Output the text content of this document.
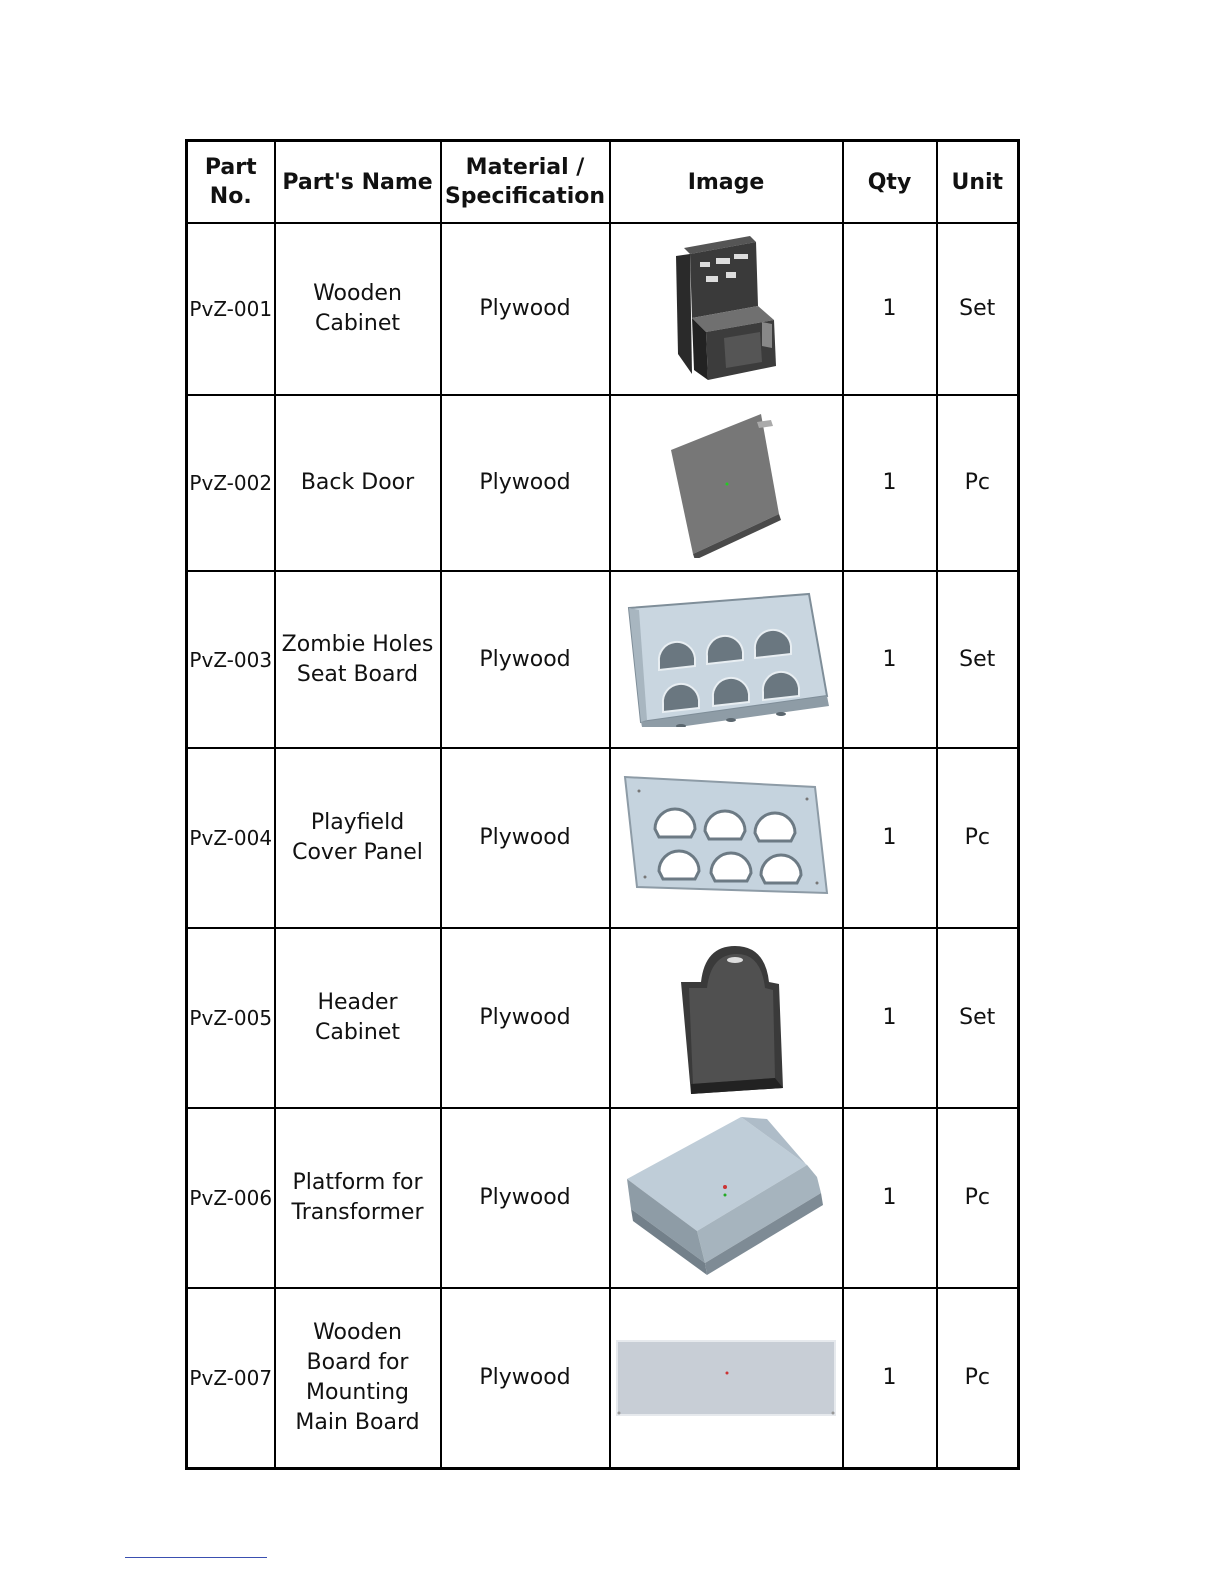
Part No.	Part's Name	Material / Specification	Image	Qty	Unit
PvZ-001	Wooden Cabinet	Plywood		1	Set
PvZ-002	Back Door	Plywood		1	Pc
PvZ-003	Zombie Holes Seat Board	Plywood		1	Set
PvZ-004	Playfield Cover Panel	Plywood		1	Pc
PvZ-005	Header Cabinet	Plywood		1	Set
PvZ-006	Platform for Transformer	Plywood		1	Pc
PvZ-007	Wooden Board for Mounting Main Board	Plywood		1	Pc
